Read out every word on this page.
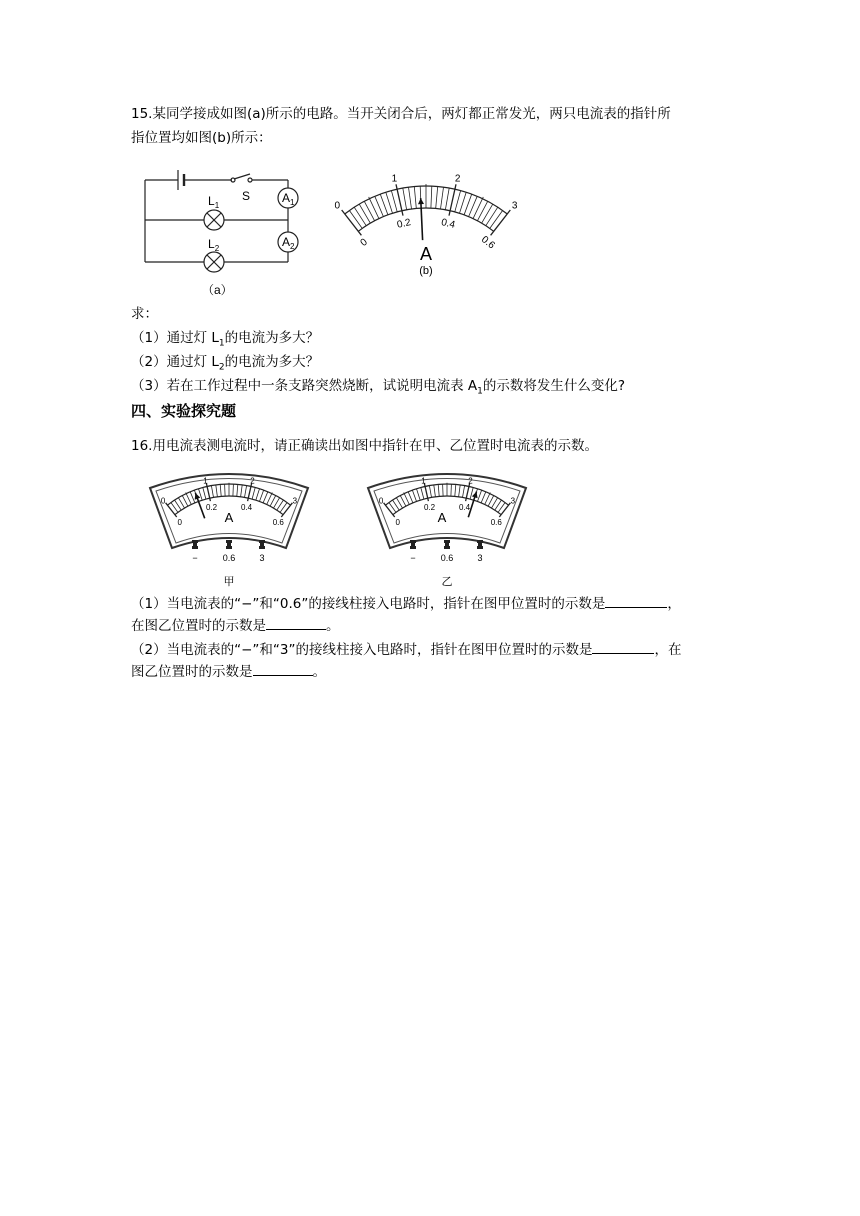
15.某同学接成如图(a)所示的电路。当开关闭合后，两灯都正常发光，两只电流表的指针所
指位置均如图(b)所示：
S	$A_1$
$A_2$
$L_1$
$L_2$
（a）
0
1	2
3
0
0.2	0.4
0.6
A
(b)
求：
（1）通过灯 $L_1$的电流为多大？
（2）通过灯 $L_2$的电流为多大？
（3）若在工作过程中一条支路突然烧断，试说明电流表 $A_1$的示数将发生什么变化?
四、实验探究题
16.用电流表测电流时，请正确读出如图中指针在甲、乙位置时电流表的示数。
0
1	2
3
0
0.2	0.4
0.6
A
−	0.6	3
甲
0
1	2
3
0
0.2	0.4
0.6
A
−	0.6	3
乙
（1）当电流表的“−”和“0.6”的接线柱接入电路时，指针在图甲位置时的示数是	，
在图乙位置时的示数是	。
（2）当电流表的“−”和“3”的接线柱接入电路时，指针在图甲位置时的示数是	，在
图乙位置时的示数是	。
